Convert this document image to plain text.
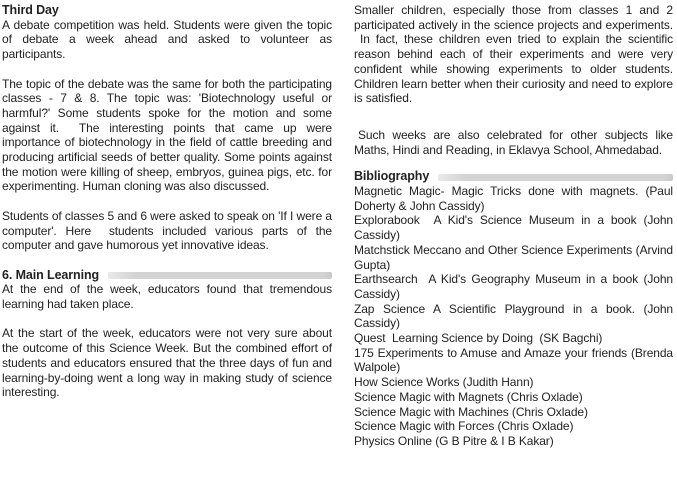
Third Day

A debate competition was held. Students were given the topic of debate a week ahead and asked to volunteer as participants.

The topic of the debate was the same for both the participating classes - 7 & 8. The topic was: 'Biotechnology useful or harmful?' Some students spoke for the motion and some against it.  The interesting points that came up were importance of biotechnology in the field of cattle breeding and producing artificial seeds of better quality. Some points against the motion were killing of sheep, embryos, guinea pigs, etc. for experimenting. Human cloning was also discussed.

Students of classes 5 and 6 were asked to speak on 'If I were a computer'. Here  students included various parts of the computer and gave humorous yet innovative ideas.

6. Main Learning

At the end of the week, educators found that tremendous learning had taken place.

At the start of the week, educators were not very sure about the outcome of this Science Week. But the combined effort of students and educators ensured that the three days of fun and learning-by-doing went a long way in making study of science interesting.

Smaller children, especially those from classes 1 and 2 participated actively in the science projects and experiments.  In fact, these children even tried to explain the scientific reason behind each of their experiments and were very confident while showing experiments to older students. Children learn better when their curiosity and need to explore is satisfied.

Such weeks are also celebrated for other subjects like Maths, Hindi and Reading, in Eklavya School, Ahmedabad.

Bibliography
Magnetic Magic- Magic Tricks done with magnets. (Paul Doherty & John Cassidy)
Explorabook  A Kid's Science Museum in a book (John Cassidy)
Matchstick Meccano and Other Science Experiments (Arvind Gupta)
Earthsearch  A Kid's Geography Museum in a book (John Cassidy)
Zap Science A Scientific Playground in a book. (John Cassidy)
Quest  Learning Science by Doing  (SK Bagchi)
175 Experiments to Amuse and Amaze your friends (Brenda Walpole)
How Science Works (Judith Hann)
Science Magic with Magnets (Chris Oxlade)
Science Magic with Machines (Chris Oxlade)
Science Magic with Forces (Chris Oxlade)
Physics Online (G B Pitre & I B Kakar)
